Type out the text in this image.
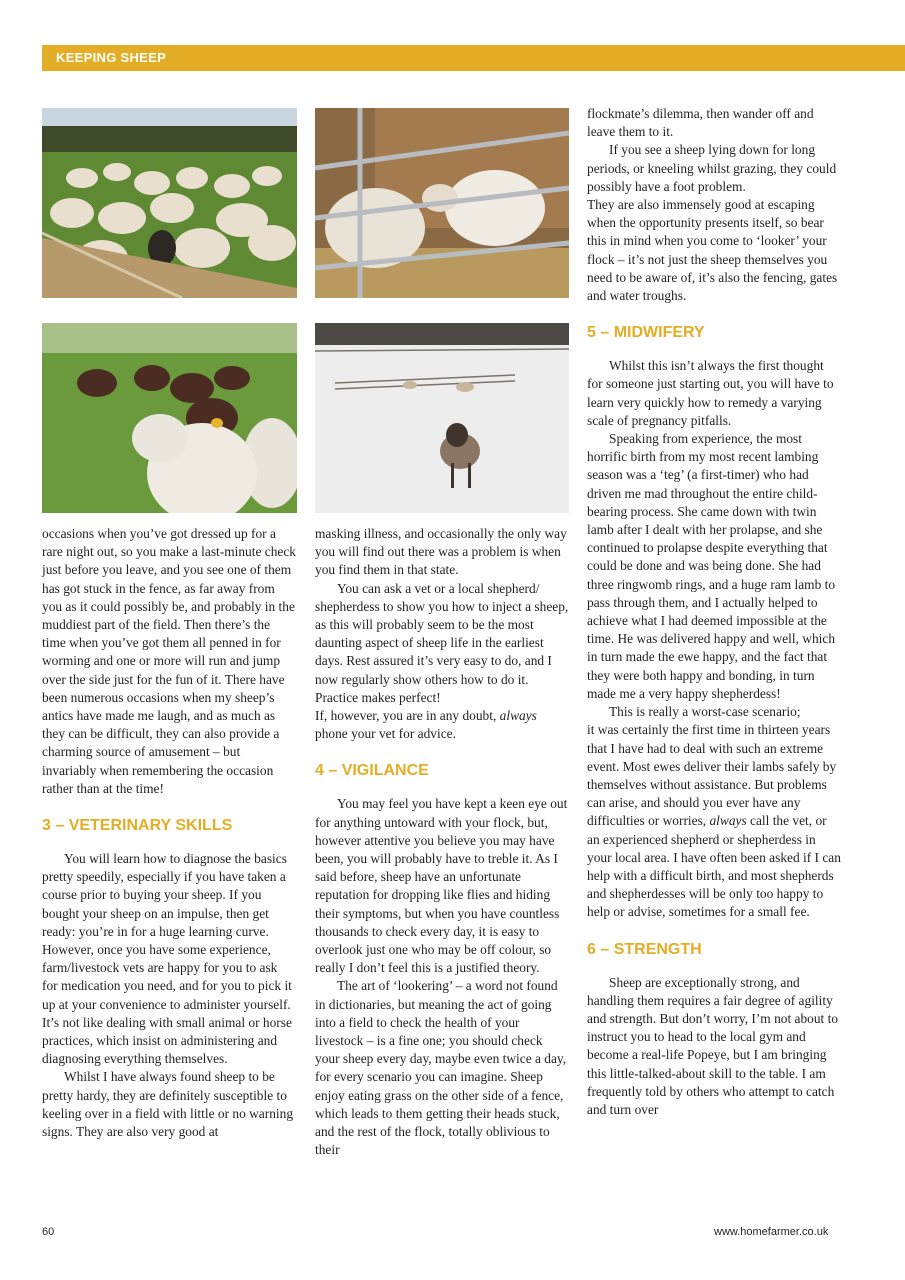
KEEPING SHEEP

occasions when you’ve got dressed up for a rare night out, so you make a last-minute check just before you leave, and you see one of them has got stuck in the fence, as far away from you as it could possibly be, and probably in the muddiest part of the field. Then there’s the time when you’ve got them all penned in for worming and one or more will run and jump over the side just for the fun of it. There have been numerous occasions when my sheep’s antics have made me laugh, and as much as they can be difficult, they can also provide a charming source of amusement – but invariably when remembering the occasion rather than at the time!

3 – VETERINARY SKILLS

You will learn how to diagnose the basics pretty speedily, especially if you have taken a course prior to buying your sheep. If you bought your sheep on an impulse, then get ready: you’re in for a huge learning curve. However, once you have some experience, farm/livestock vets are happy for you to ask for medication you need, and for you to pick it up at your convenience to administer yourself. It’s not like dealing with small animal or horse practices, which insist on administering and diagnosing everything themselves.

Whilst I have always found sheep to be pretty hardy, they are definitely susceptible to keeling over in a field with little or no warning signs. They are also very good at

masking illness, and occasionally the only way you will find out there was a problem is when you find them in that state.

You can ask a vet or a local shepherd/ shepherdess to show you how to inject a sheep, as this will probably seem to be the most daunting aspect of sheep life in the earliest days. Rest assured it’s very easy to do, and I now regularly show others how to do it. Practice makes perfect!

If, however, you are in any doubt, always phone your vet for advice.

4 – VIGILANCE

You may feel you have kept a keen eye out for anything untoward with your flock, but, however attentive you believe you may have been, you will probably have to treble it. As I said before, sheep have an unfortunate reputation for dropping like flies and hiding their symptoms, but when you have countless thousands to check every day, it is easy to overlook just one who may be off colour, so really I don’t feel this is a justified theory.

The art of ‘lookering’ – a word not found in dictionaries, but meaning the act of going into a field to check the health of your livestock – is a fine one; you should check your sheep every day, maybe even twice a day, for every scenario you can imagine. Sheep enjoy eating grass on the other side of a fence, which leads to them getting their heads stuck, and the rest of the flock, totally oblivious to their

flockmate’s dilemma, then wander off and leave them to it.

If you see a sheep lying down for long periods, or kneeling whilst grazing, they could possibly have a foot problem.

They are also immensely good at escaping when the opportunity presents itself, so bear this in mind when you come to ‘looker’ your flock – it’s not just the sheep themselves you need to be aware of, it’s also the fencing, gates and water troughs.

5 – MIDWIFERY

Whilst this isn’t always the first thought for someone just starting out, you will have to learn very quickly how to remedy a varying scale of pregnancy pitfalls.

Speaking from experience, the most horrific birth from my most recent lambing season was a ‘teg’ (a first-timer) who had driven me mad throughout the entire child-bearing process. She came down with twin lamb after I dealt with her prolapse, and she continued to prolapse despite everything that could be done and was being done. She had three ringwomb rings, and a huge ram lamb to pass through them, and I actually helped to achieve what I had deemed impossible at the time. He was delivered happy and well, which in turn made the ewe happy, and the fact that they were both happy and bonding, in turn made me a very happy shepherdess!

This is really a worst-case scenario;

it was certainly the first time in thirteen years that I have had to deal with such an extreme event. Most ewes deliver their lambs safely by themselves without assistance. But problems can arise, and should you ever have any difficulties or worries, always call the vet, or an experienced shepherd or shepherdess in your local area. I have often been asked if I can help with a difficult birth, and most shepherds and shepherdesses will be only too happy to help or advise, sometimes for a small fee.

6 – STRENGTH

Sheep are exceptionally strong, and handling them requires a fair degree of agility and strength. But don’t worry, I’m not about to instruct you to head to the local gym and become a real-life Popeye, but I am bringing this little-talked-about skill to the table. I am frequently told by others who attempt to catch and turn over

60	www.homefarmer.co.uk
